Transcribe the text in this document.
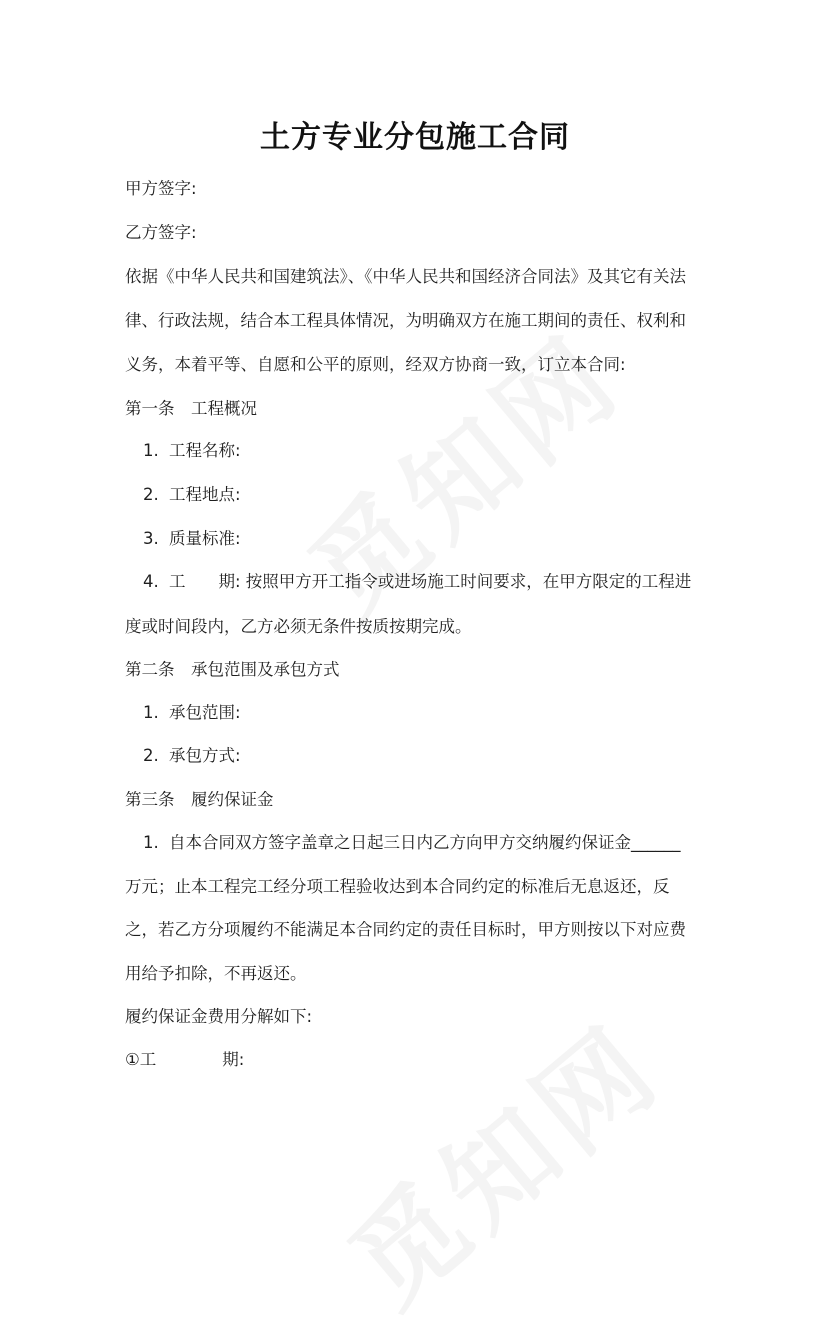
土方专业分包施工合同
甲方签字:
乙方签字:
依据《中华人民共和国建筑法》、《中华人民共和国经济合同法》及其它有关法
律、行政法规，结合本工程具体情况，为明确双方在施工期间的责任、权利和
义务，本着平等、自愿和公平的原则，经双方协商一致，订立本合同:
第一条　工程概况
1. 工程名称:
2. 工程地点:
3. 质量标准:
4. 工　　期: 按照甲方开工指令或进场施工时间要求，在甲方限定的工程进
度或时间段内，乙方必须无条件按质按期完成。
第二条　承包范围及承包方式
1. 承包范围:
2. 承包方式:
第三条　履约保证金
1. 自本合同双方签字盖章之日起三日内乙方向甲方交纳履约保证金______
万元；止本工程完工经分项工程验收达到本合同约定的标准后无息返还，反
之，若乙方分项履约不能满足本合同约定的责任目标时，甲方则按以下对应费
用给予扣除，不再返还。
履约保证金费用分解如下:
①工　　　　期:
